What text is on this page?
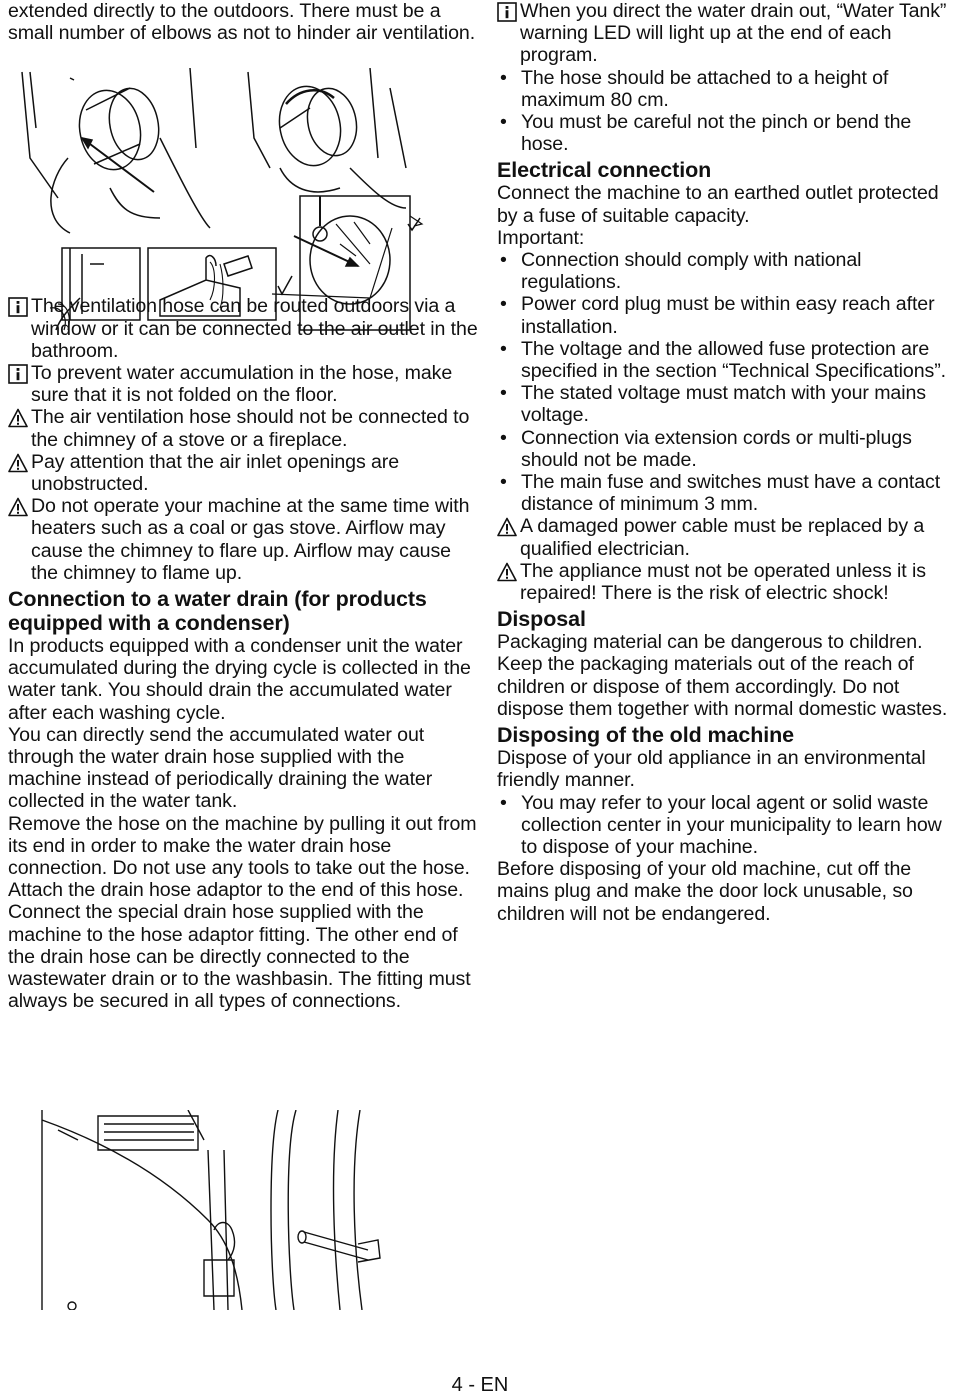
extended directly to the outdoors. There must be a small number of elbows as not to hinder air ventilation.

The ventilation hose can be routed outdoors via a window or it can be connected to the air outlet in the bathroom.
To prevent water accumulation in the hose, make sure that it is not folded on the floor.
The air ventilation hose should not be connected to the chimney of a stove or a fireplace.
Pay attention that the air inlet openings are unobstructed.
Do not operate your machine at the same time with heaters such as a coal or gas stove. Airflow may cause the chimney to flare up. Airflow may cause the chimney to flame up.
Connection to a water drain (for products equipped with a condenser)

In products equipped with a condenser unit the water accumulated during the drying cycle is collected in the water tank. You should drain the accumulated water after each washing cycle.

You can directly send the accumulated water out through the water drain hose supplied with the machine instead of periodically draining the water collected in the water tank.

Remove the hose on the machine by pulling it out from its end in order to make the water drain hose connection. Do not use any tools to take out the hose. Attach the drain hose adaptor to the end of this hose. Connect the special drain hose supplied with the machine to the hose adaptor fitting. The other end of the drain hose can be directly connected to the wastewater drain or to the washbasin. The fitting must always be secured in all types of connections.

When you direct the water drain out, “Water Tank” warning LED will light up at the end of each program.
• The hose should be attached to a height of maximum 80 cm.
• You must be careful not the pinch or bend the hose.
Electrical connection

Connect the machine to an earthed outlet protected by a fuse of suitable capacity.

Important:

• Connection should comply with national regulations.
• Power cord plug must be within easy reach after installation.
• The voltage and the allowed fuse protection are specified in the section “Technical Specifications”.
• The stated voltage must match with your mains voltage.
• Connection via extension cords or multi-plugs should not be made.
• The main fuse and switches must have a contact distance of minimum 3 mm.
A damaged power cable must be replaced by a qualified electrician.
The appliance must not be operated unless it is repaired! There is the risk of electric shock!
Disposal

Packaging material can be dangerous to children. Keep the packaging materials out of the reach of children or dispose of them accordingly. Do not dispose them together with normal domestic wastes.

Disposing of the old machine

Dispose of your old appliance in an environmental friendly manner.

• You may refer to your local agent or solid waste collection center in your municipality to learn how to dispose of your machine.

Before disposing of your old machine, cut off the mains plug and make the door lock unusable, so children will not be endangered.

4 - EN
